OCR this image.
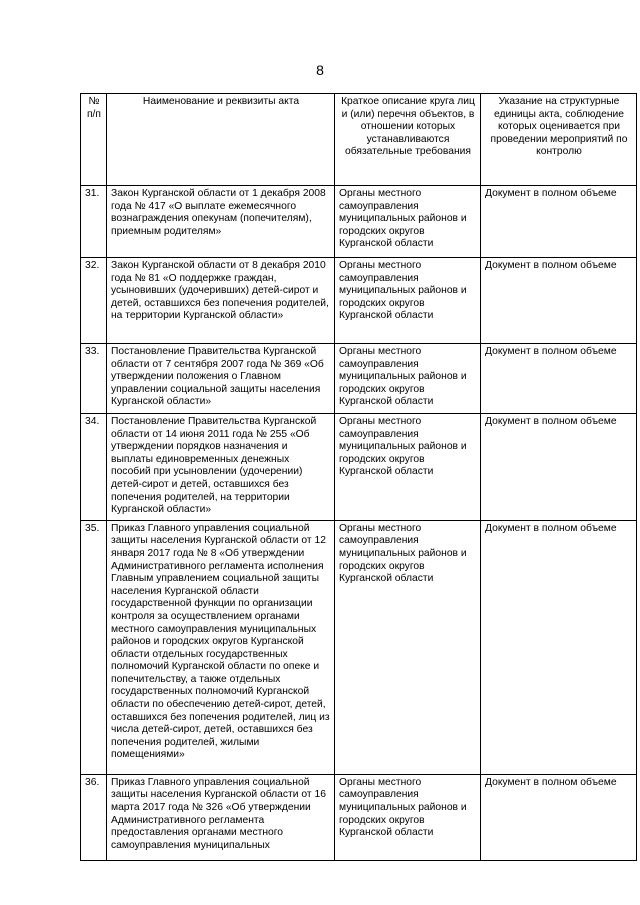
8
№ п/п	Наименование и реквизиты акта	Краткое описание круга лиц и (или) перечня объектов, в отношении которых устанавливаются обязательные требования	Указание на структурные единицы акта, соблюдение которых оценивается при проведении мероприятий по контролю
31.	Закон Курганской области от 1 декабря 2008 года № 417 «О выплате ежемесячного вознаграждения опекунам (попечителям), приемным родителям»	Органы местного самоуправления муниципальных районов и городских округов Курганской области	Документ в полном объеме
32.	Закон Курганской области от 8 декабря 2010 года № 81 «О поддержке граждан, усыновивших (удочеривших) детей-сирот и детей, оставшихся без попечения родителей, на территории Курганской области»	Органы местного самоуправления муниципальных районов и городских округов Курганской области	Документ в полном объеме
33.	Постановление Правительства Курганской области от 7 сентября 2007 года № 369 «Об утверждении положения о Главном управлении социальной защиты населения Курганской области»	Органы местного самоуправления муниципальных районов и городских округов Курганской области	Документ в полном объеме
34.	Постановление Правительства Курганской области от 14 июня 2011 года № 255 «Об утверждении порядков назначения и выплаты единовременных денежных пособий при усыновлении (удочерении) детей-сирот и детей, оставшихся без попечения родителей, на территории Курганской области»	Органы местного самоуправления муниципальных районов и городских округов Курганской области	Документ в полном объеме
35.	Приказ Главного управления социальной защиты населения Курганской области от 12 января 2017 года № 8 «Об утверждении Административного регламента исполнения Главным управлением социальной защиты населения Курганской области государственной функции по организации контроля за осуществлением органами местного самоуправления муниципальных районов и городских округов Курганской области отдельных государственных полномочий Курганской области по опеке и попечительству, а также отдельных государственных полномочий Курганской области по обеспечению детей-сирот, детей, оставшихся без попечения родителей, лиц из числа детей-сирот, детей, оставшихся без попечения родителей, жилыми помещениями»	Органы местного самоуправления муниципальных районов и городских округов Курганской области	Документ в полном объеме
36.	Приказ Главного управления социальной защиты населения Курганской области от 16 марта 2017 года № 326 «Об утверждении Административного регламента предоставления органами местного самоуправления муниципальных	Органы местного самоуправления муниципальных районов и городских округов Курганской области	Документ в полном объеме
